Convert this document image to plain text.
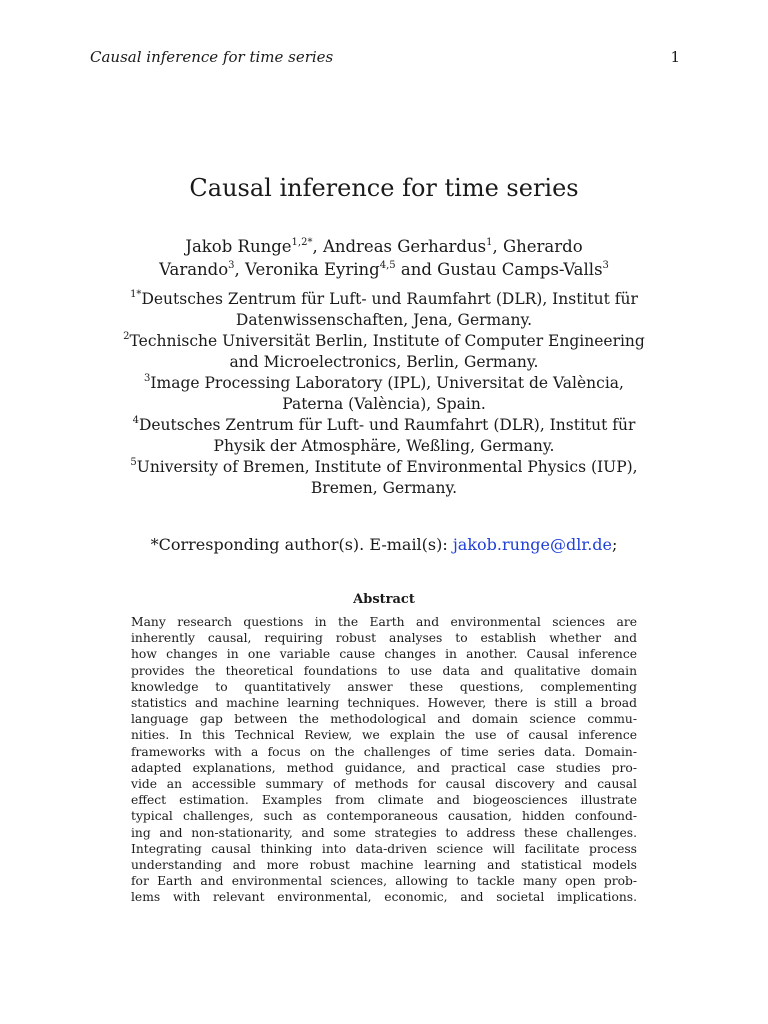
Causal inference for time series	1
Causal inference for time series
Jakob Runge$^{1,2*}$, Andreas Gerhardus$^1$, Gherardo
Varando$^3$, Veronika Eyring$^{4,5}$ and Gustau Camps-Valls$^3$
$^{1*}$Deutsches Zentrum für Luft- und Raumfahrt (DLR), Institut für
Datenwissenschaften, Jena, Germany.
$^2$Technische Universität Berlin, Institute of Computer Engineering
and Microelectronics, Berlin, Germany.
$^3$Image Processing Laboratory (IPL), Universitat de València,
Paterna (València), Spain.
$^4$Deutsches Zentrum für Luft- und Raumfahrt (DLR), Institut für
Physik der Atmosphäre, Weßling, Germany.
$^5$University of Bremen, Institute of Environmental Physics (IUP),
Bremen, Germany.
*Corresponding author(s). E-mail(s): jakob.runge@dlr.de;
Abstract
Many research questions in the Earth and environmental sciences are
inherently causal, requiring robust analyses to establish whether and
how changes in one variable cause changes in another. Causal inference
provides the theoretical foundations to use data and qualitative domain
knowledge to quantitatively answer these questions, complementing
statistics and machine learning techniques. However, there is still a broad
language gap between the methodological and domain science commu-
nities. In this Technical Review, we explain the use of causal inference
frameworks with a focus on the challenges of time series data. Domain-
adapted explanations, method guidance, and practical case studies pro-
vide an accessible summary of methods for causal discovery and causal
effect estimation. Examples from climate and biogeosciences illustrate
typical challenges, such as contemporaneous causation, hidden confound-
ing and non-stationarity, and some strategies to address these challenges.
Integrating causal thinking into data-driven science will facilitate process
understanding and more robust machine learning and statistical models
for Earth and environmental sciences, allowing to tackle many open prob-
lems with relevant environmental, economic, and societal implications.
